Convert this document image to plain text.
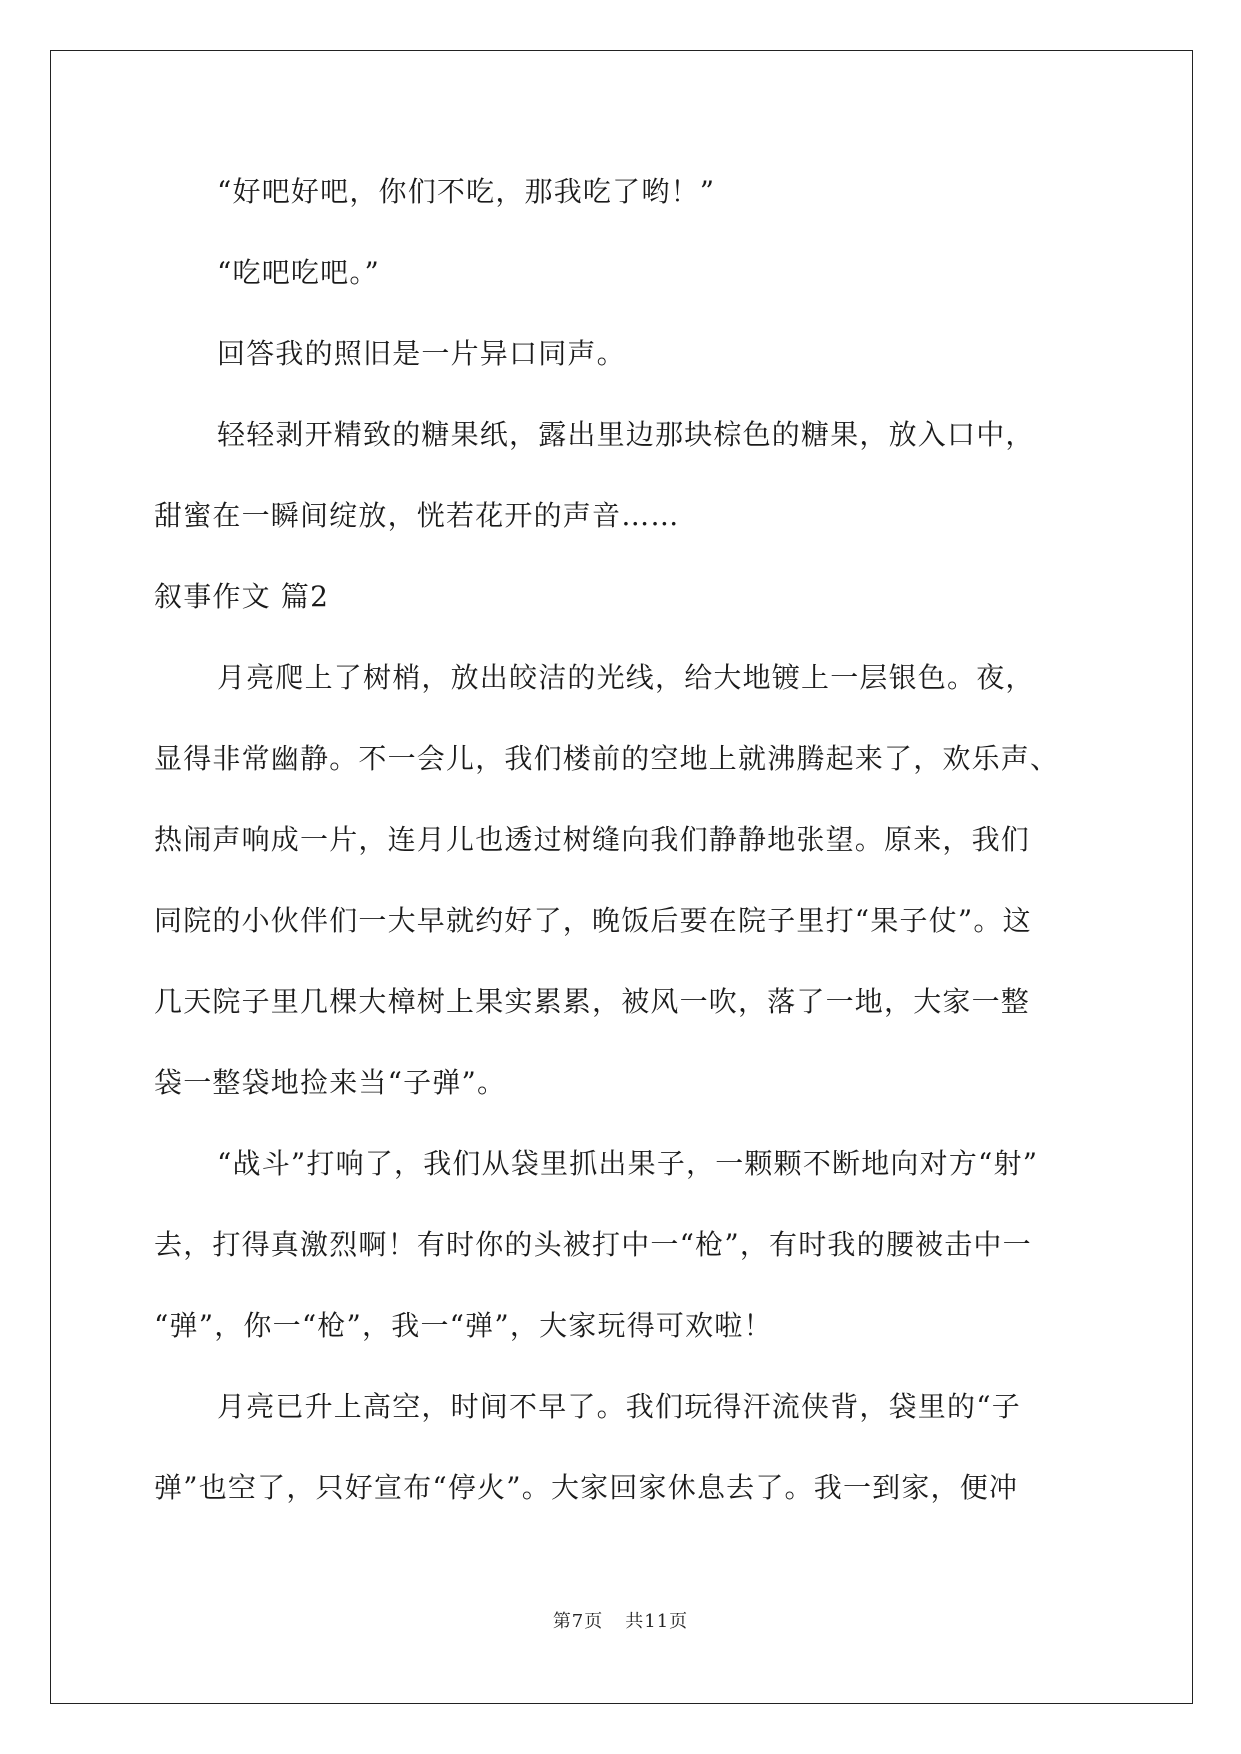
“好吧好吧，你们不吃，那我吃了哟！”
“吃吧吃吧。”
回答我的照旧是一片异口同声。
轻轻剥开精致的糖果纸，露出里边那块棕色的糖果，放入口中，
甜蜜在一瞬间绽放，恍若花开的声音……
叙事作文 篇2
月亮爬上了树梢，放出皎洁的光线，给大地镀上一层银色。夜，
显得非常幽静。不一会儿，我们楼前的空地上就沸腾起来了，欢乐声、
热闹声响成一片，连月儿也透过树缝向我们静静地张望。原来，我们
同院的小伙伴们一大早就约好了，晚饭后要在院子里打“果子仗”。这
几天院子里几棵大樟树上果实累累，被风一吹，落了一地，大家一整
袋一整袋地捡来当“子弹”。
“战斗”打响了，我们从袋里抓出果子，一颗颗不断地向对方“射”
去，打得真激烈啊！有时你的头被打中一“枪”，有时我的腰被击中一
“弹”，你一“枪”，我一“弹”，大家玩得可欢啦！
月亮已升上高空，时间不早了。我们玩得汗流侠背，袋里的“子
弹”也空了，只好宣布“停火”。大家回家休息去了。我一到家，便冲
第7页 共11页
